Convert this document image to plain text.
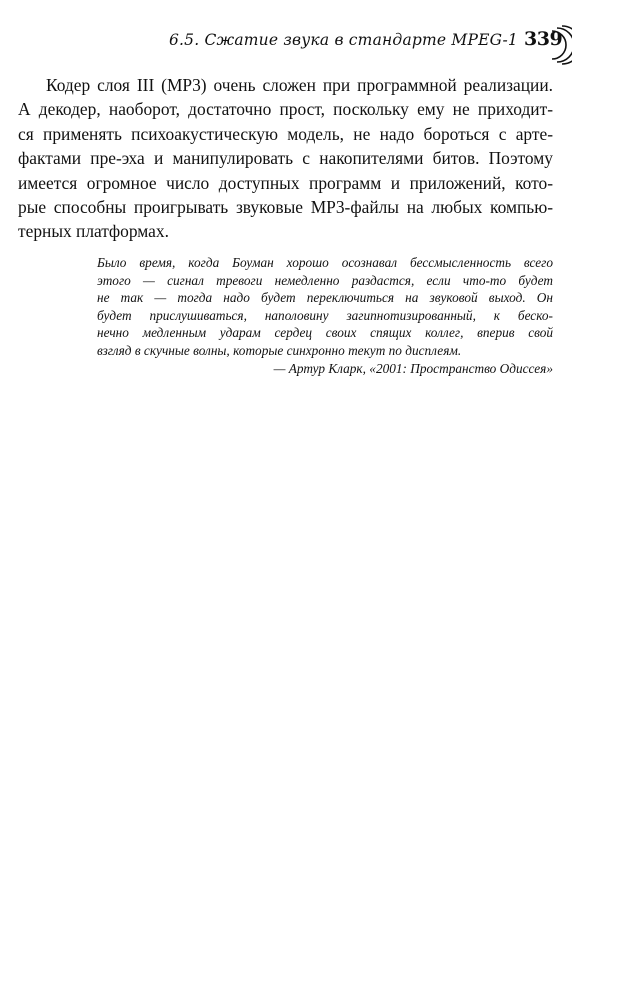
6.5. Сжатие звука в стандарте MPEG-1 339
Кодер слоя III (MP3) очень сложен при программной реализации.
А декодер, наоборот, достаточно прост, поскольку ему не приходит-
ся применять психоакустическую модель, не надо бороться с арте-
фактами пре-эха и манипулировать с накопителями битов. Поэтому
имеется огромное число доступных программ и приложений, кото-
рые способны проигрывать звуковые MP3-файлы на любых компью-
терных платформах.
Было время, когда Боуман хорошо осознавал бессмысленность всего
этого — сигнал тревоги немедленно раздастся, если что-то будет
не так — тогда надо будет переключиться на звуковой выход. Он
будет прислушиваться, наполовину загипнотизированный, к беско-
нечно медленным ударам сердец своих спящих коллег, вперив свой
взгляд в скучные волны, которые синхронно текут по дисплеям.
— Артур Кларк, «2001: Пространство Одиссея»
